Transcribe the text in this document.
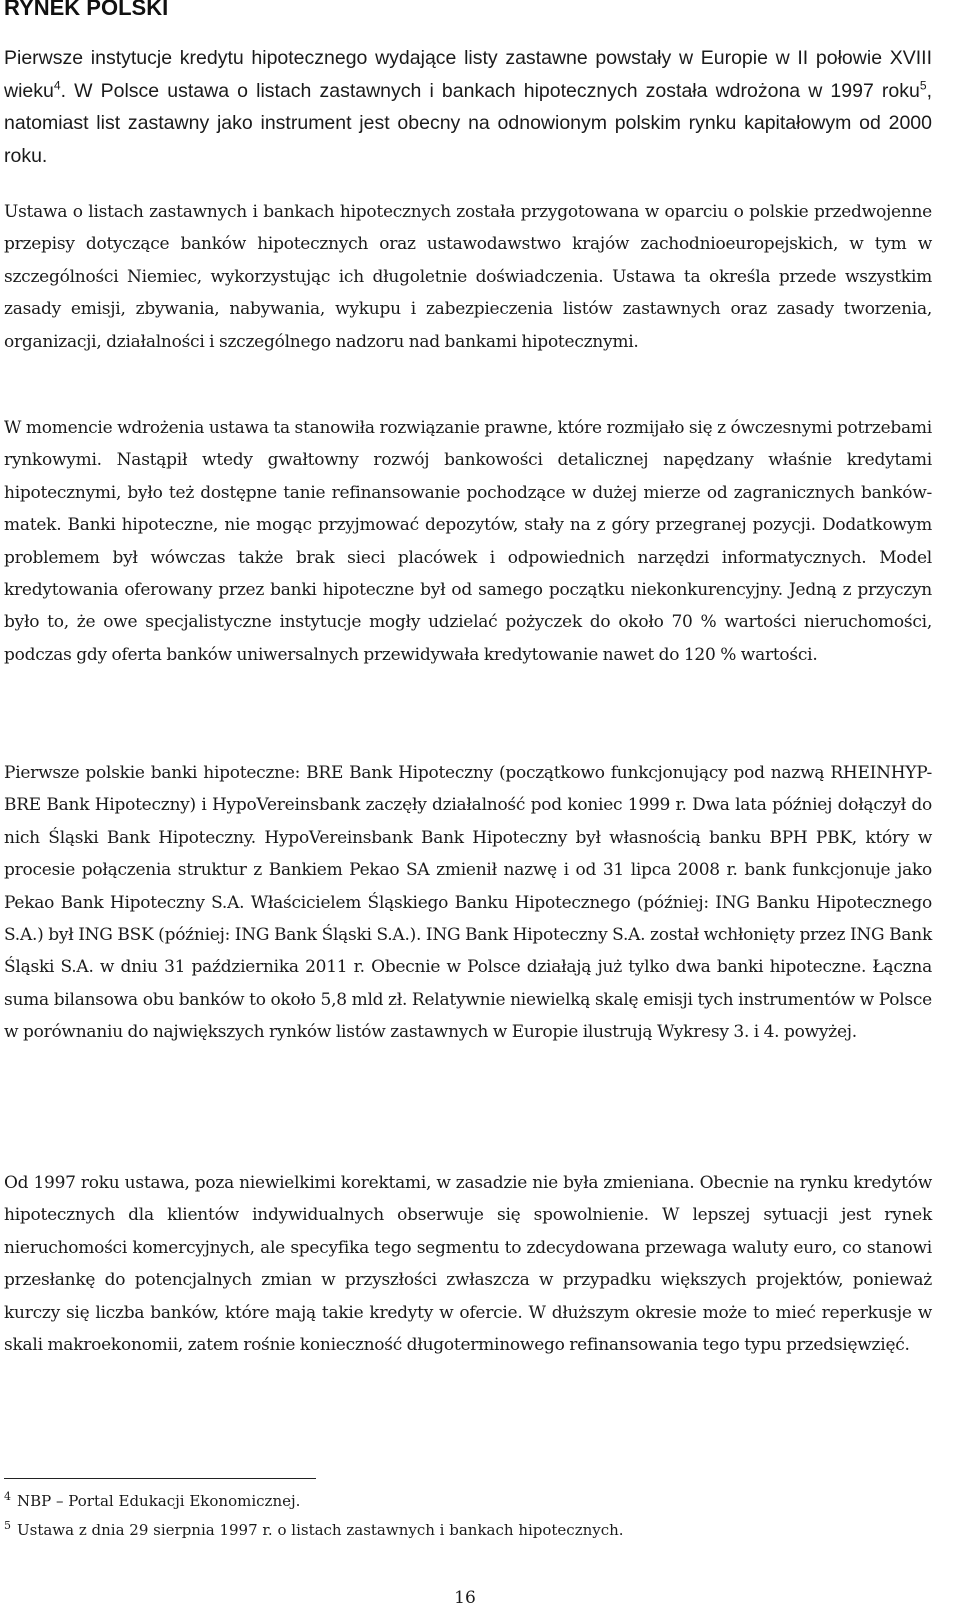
RYNEK POLSKI

Pierwsze instytucje kredytu hipotecznego wydające listy zastawne powstały w Europie w II połowie XVIII wieku$^4$. W Polsce ustawa o listach zastawnych i bankach hipotecznych została wdrożona w 1997 roku$^5$, natomiast list zastawny jako instrument jest obecny na odnowionym polskim rynku kapitałowym od 2000 roku.

Ustawa o listach zastawnych i bankach hipotecznych została przygotowana w oparciu o polskie przedwojenne przepisy dotyczące banków hipotecznych oraz ustawodawstwo krajów zachodnioeuropejskich, w tym w szczególności Niemiec, wykorzystując ich długoletnie doświadczenia. Ustawa ta określa przede wszystkim zasady emisji, zbywania, nabywania, wykupu i zabezpieczenia listów zastawnych oraz zasady tworzenia, organizacji, działalności i szczególnego nadzoru nad bankami hipotecznymi.

W momencie wdrożenia ustawa ta stanowiła rozwiązanie prawne, które rozmijało się z ówczesnymi potrzebami rynkowymi. Nastąpił wtedy gwałtowny rozwój bankowości detalicznej napędzany właśnie kredytami hipotecznymi, było też dostępne tanie refinansowanie pochodzące w dużej mierze od zagranicznych banków-matek. Banki hipoteczne, nie mogąc przyjmować depozytów, stały na z góry przegranej pozycji. Dodatkowym problemem był wówczas także brak sieci placówek i odpowiednich narzędzi informatycznych. Model kredytowania oferowany przez banki hipoteczne był od samego początku niekonkurencyjny. Jedną z przyczyn było to, że owe specjalistyczne instytucje mogły udzielać pożyczek do około 70 % wartości nieruchomości, podczas gdy oferta banków uniwersalnych przewidywała kredytowanie nawet do 120 % wartości.

Pierwsze polskie banki hipoteczne: BRE Bank Hipoteczny (początkowo funkcjonujący pod nazwą RHEINHYP-BRE Bank Hipoteczny) i HypoVereinsbank zaczęły działalność pod koniec 1999 r. Dwa lata później dołączył do nich Śląski Bank Hipoteczny. HypoVereinsbank Bank Hipoteczny był własnością banku BPH PBK, który w procesie połączenia struktur z Bankiem Pekao SA zmienił nazwę i od 31 lipca 2008 r. bank funkcjonuje jako Pekao Bank Hipoteczny S.A. Właścicielem Śląskiego Banku Hipotecznego (później: ING Banku Hipotecznego S.A.) był ING BSK (później: ING Bank Śląski S.A.). ING Bank Hipoteczny S.A. został wchłonięty przez ING Bank Śląski S.A. w dniu 31 października 2011 r. Obecnie w Polsce działają już tylko dwa banki hipoteczne. Łączna suma bilansowa obu banków to około 5,8 mld zł. Relatywnie niewielką skalę emisji tych instrumentów w Polsce w porównaniu do największych rynków listów zastawnych w Europie ilustrują Wykresy 3. i 4. powyżej.

Od 1997 roku ustawa, poza niewielkimi korektami, w zasadzie nie była zmieniana. Obecnie na rynku kredytów hipotecznych dla klientów indywidualnych obserwuje się spowolnienie. W lepszej sytuacji jest rynek nieruchomości komercyjnych, ale specyfika tego segmentu to zdecydowana przewaga waluty euro, co stanowi przesłankę do potencjalnych zmian w przyszłości zwłaszcza w przypadku większych projektów, ponieważ kurczy się liczba banków, które mają takie kredyty w ofercie. W dłuższym okresie może to mieć reperkusje w skali makroekonomii, zatem rośnie konieczność długoterminowego refinansowania tego typu przedsięwzięć.

$^4$ NBP – Portal Edukacji Ekonomicznej.

$^5$ Ustawa z dnia 29 sierpnia 1997 r. o listach zastawnych i bankach hipotecznych.

16
